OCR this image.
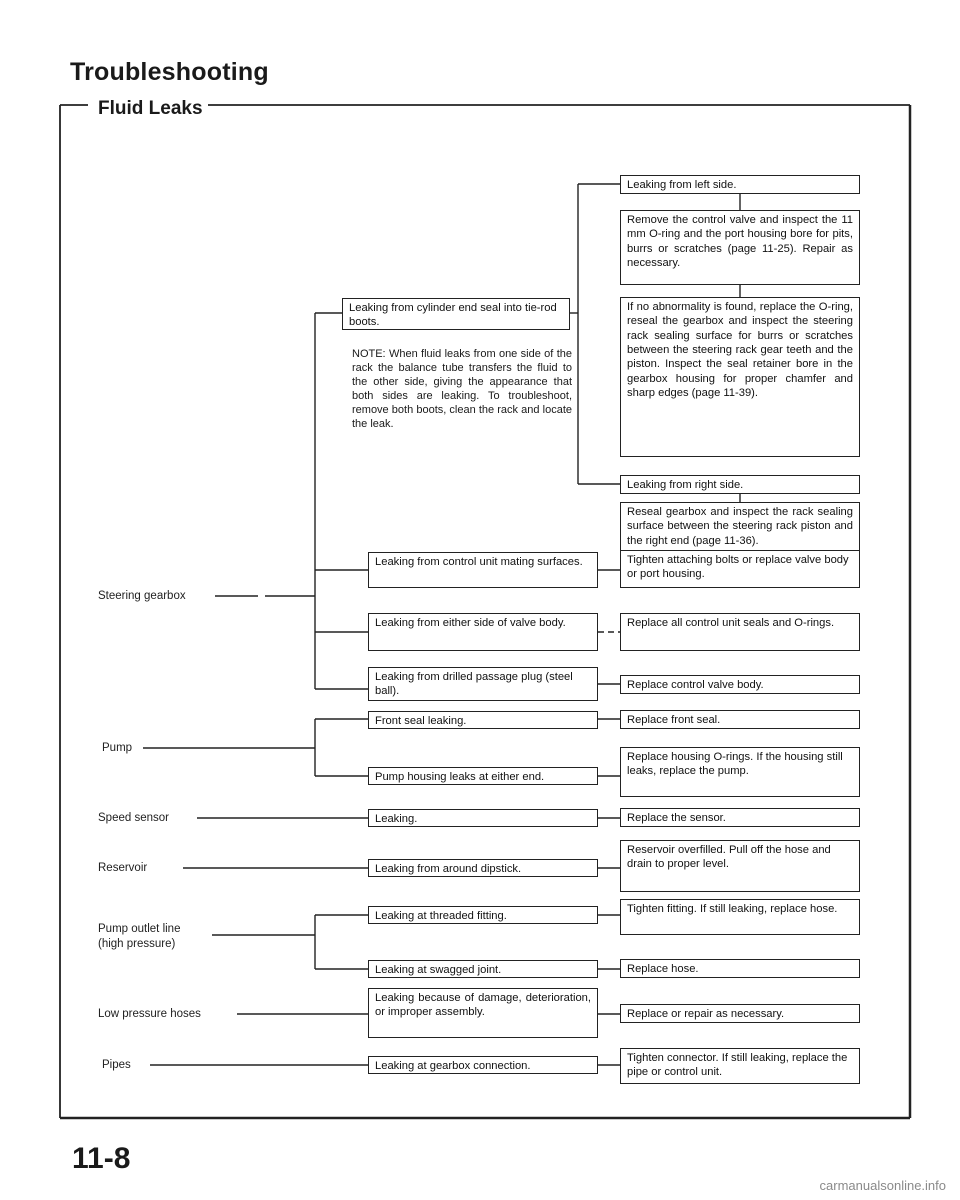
Troubleshooting
Fluid Leaks
Steering gearbox
Pump
Speed sensor
Reservoir
Pump outlet line
(high pressure)
Low pressure hoses
Pipes
Leaking from cylinder end seal into tie-rod boots.
Leaking from control unit mating surfaces.
Leaking from either side of valve body.
Leaking from drilled passage plug (steel ball).
Front seal leaking.
Pump housing leaks at either end.
Leaking.
Leaking from around dipstick.
Leaking at threaded fitting.
Leaking at swagged joint.
Leaking because of damage, deterioration, or improper assembly.
Leaking at gearbox connection.
Leaking from left side.
Leaking from right side.
Remove the control valve and inspect the 11 mm O-ring and the port housing bore for pits, burrs or scratches (page 11-25). Repair as necessary.
If no abnormality is found, replace the O-ring, reseal the gearbox and inspect the steering rack sealing surface for burrs or scratches between the steering rack gear teeth and the piston. Inspect the seal retainer bore in the gearbox housing for proper chamfer and sharp edges (page 11-39).
Reseal gearbox and inspect the rack sealing surface between the steering rack piston and the right end (page 11-36).
Tighten attaching bolts or replace valve body or port housing.
Replace all control unit seals and O-rings.
Replace control valve body.
Replace front seal.
Replace housing O-rings. If the housing still leaks, replace the pump.
Replace the sensor.
Reservoir overfilled. Pull off the hose and drain to proper level.
Tighten fitting. If still leaking, replace hose.
Replace hose.
Replace or repair as necessary.
Tighten connector. If still leaking, replace the pipe or control unit.
NOTE: When fluid leaks from one side of the rack the balance tube transfers the fluid to the other side, giving the appearance that both sides are leaking. To troubleshoot, remove both boots, clean the rack and locate the leak.
11-8
carmanualsonline.info
